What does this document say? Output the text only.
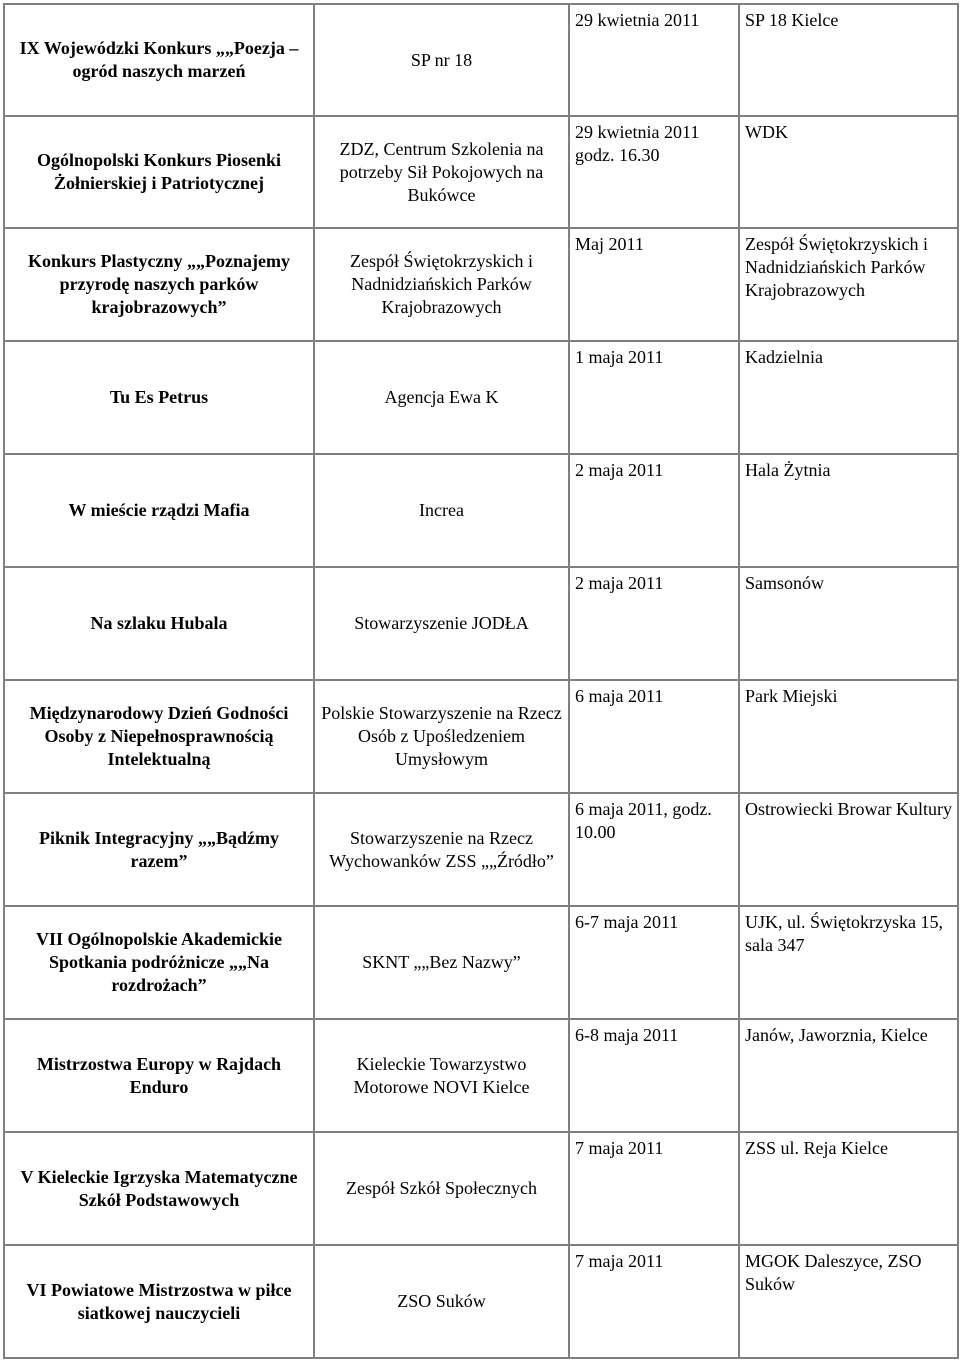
IX Wojewódzki Konkurs „„Poezja – ogród naszych marzeń	SP nr 18	29 kwietnia 2011	SP 18 Kielce
Ogólnopolski Konkurs Piosenki Żołnierskiej i Patriotycznej	ZDZ, Centrum Szkolenia na potrzeby Sił Pokojowych na Bukówce	29 kwietnia 2011 godz. 16.30	WDK
Konkurs Plastyczny „„Poznajemy przyrodę naszych parków krajobrazowych”	Zespół Świętokrzyskich i Nadnidziańskich Parków Krajobrazowych	Maj 2011	Zespół Świętokrzyskich i Nadnidziańskich Parków Krajobrazowych
Tu Es Petrus	Agencja Ewa K	1 maja 2011	Kadzielnia
W mieście rządzi Mafia	Increa	2 maja 2011	Hala Żytnia
Na szlaku Hubala	Stowarzyszenie JODŁA	2 maja 2011	Samsonów
Międzynarodowy Dzień Godności Osoby z Niepełnosprawnością Intelektualną	Polskie Stowarzyszenie na Rzecz Osób z Upośledzeniem Umysłowym	6 maja 2011	Park Miejski
Piknik Integracyjny „„Bądźmy razem”	Stowarzyszenie na Rzecz Wychowanków ZSS „„Źródło”	6 maja 2011, godz. 10.00	Ostrowiecki Browar Kultury
VII Ogólnopolskie Akademickie Spotkania podróżnicze „„Na rozdrożach”	SKNT „„Bez Nazwy”	6-7 maja 2011	UJK, ul. Świętokrzyska 15, sala 347
Mistrzostwa Europy w Rajdach Enduro	Kieleckie Towarzystwo Motorowe NOVI Kielce	6-8 maja 2011	Janów, Jaworznia, Kielce
V Kieleckie Igrzyska Matematyczne Szkół Podstawowych	Zespół Szkół Społecznych	7 maja 2011	ZSS ul. Reja Kielce
VI Powiatowe Mistrzostwa w piłce siatkowej nauczycieli	ZSO Suków	7 maja 2011	MGOK Daleszyce, ZSO Suków
